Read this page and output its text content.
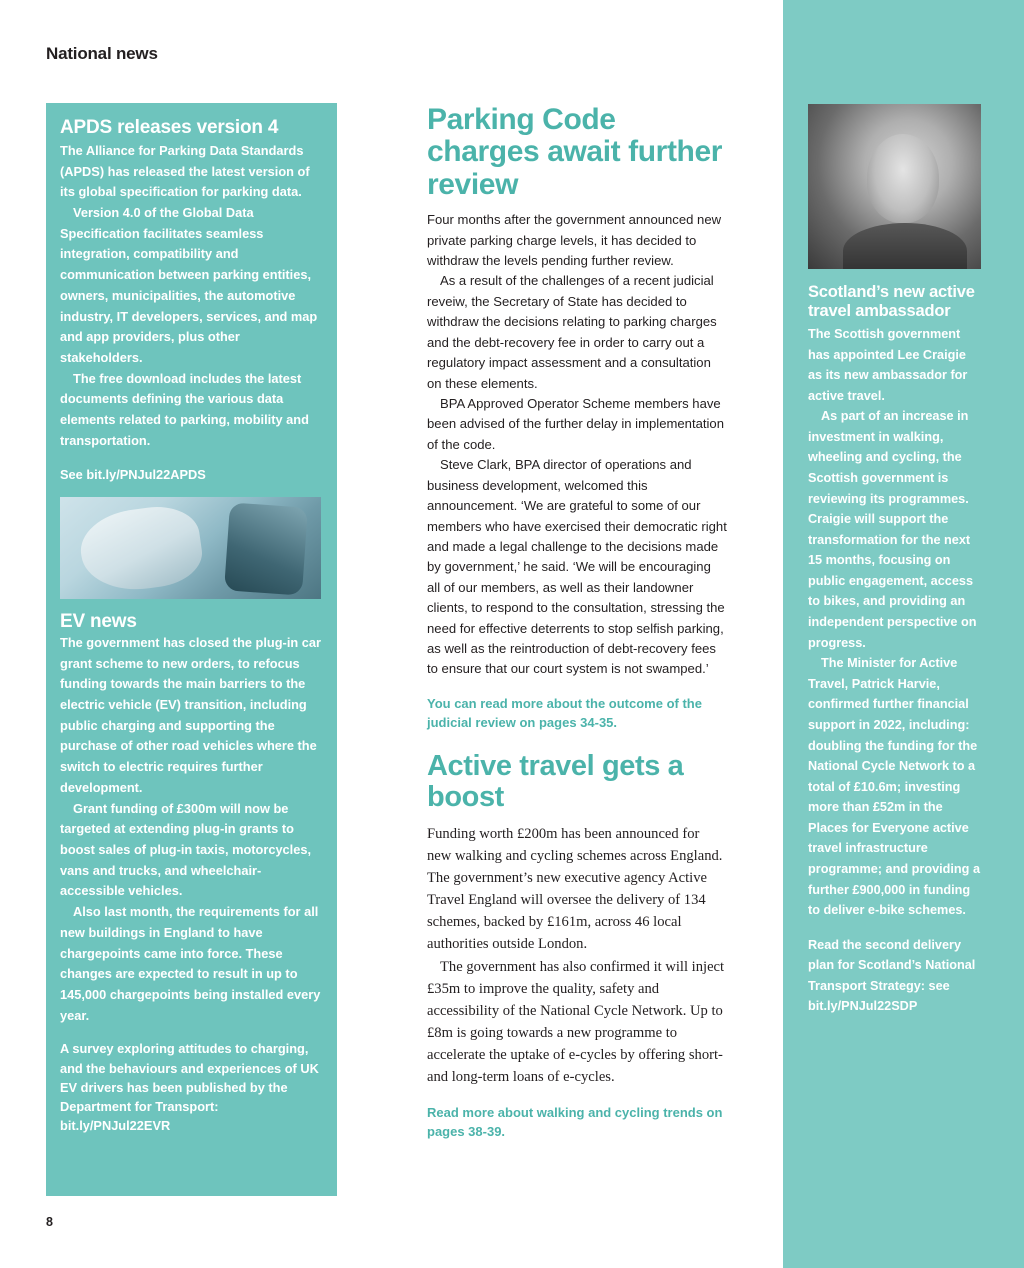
National news
APDS releases version 4

The Alliance for Parking Data Standards (APDS) has released the latest version of its global specification for parking data.

Version 4.0 of the Global Data Specification facilitates seamless integration, compatibility and communication between parking entities, owners, municipalities, the automotive industry, IT developers, services, and map and app providers, plus other stakeholders.

The free download includes the latest documents defining the various data elements related to parking, mobility and transportation.

See bit.ly/PNJul22APDS
EV news

The government has closed the plug-in car grant scheme to new orders, to refocus funding towards the main barriers to the electric vehicle (EV) transition, including public charging and supporting the purchase of other road vehicles where the switch to electric requires further development.

Grant funding of £300m will now be targeted at extending plug-in grants to boost sales of plug-in taxis, motorcycles, vans and trucks, and wheelchair-accessible vehicles.

Also last month, the requirements for all new buildings in England to have chargepoints came into force. These changes are expected to result in up to 145,000 chargepoints being installed every year.

A survey exploring attitudes to charging, and the behaviours and experiences of UK EV drivers has been published by the Department for Transport: bit.ly/PNJul22EVR
Parking Code charges await further review

Four months after the government announced new private parking charge levels, it has decided to withdraw the levels pending further review.

As a result of the challenges of a recent judicial reveiw, the Secretary of State has decided to withdraw the decisions relating to parking charges and the debt-recovery fee in order to carry out a regulatory impact assessment and a consultation on these elements.

BPA Approved Operator Scheme members have been advised of the further delay in implementation of the code.

Steve Clark, BPA director of operations and business development, welcomed this announcement. ‘We are grateful to some of our members who have exercised their democratic right and made a legal challenge to the decisions made by government,’ he said. ‘We will be encouraging all of our members, as well as their landowner clients, to respond to the consultation, stressing the need for effective deterrents to stop selfish parking, as well as the reintroduction of debt-recovery fees to ensure that our court system is not swamped.’

You can read more about the outcome of the judicial review on pages 34-35.
Active travel gets a boost

Funding worth £200m has been announced for new walking and cycling schemes across England. The government’s new executive agency Active Travel England will oversee the delivery of 134 schemes, backed by £161m, across 46 local authorities outside London.

The government has also confirmed it will inject £35m to improve the quality, safety and accessibility of the National Cycle Network. Up to £8m is going towards a new programme to accelerate the uptake of e-cycles by offering short- and long-term loans of e-cycles.

Read more about walking and cycling trends on pages 38-39.
Scotland’s new active travel ambassador

The Scottish government has appointed Lee Craigie as its new ambassador for active travel.

As part of an increase in investment in walking, wheeling and cycling, the Scottish government is reviewing its programmes. Craigie will support the transformation for the next 15 months, focusing on public engagement, access to bikes, and providing an independent perspective on progress.

The Minister for Active Travel, Patrick Harvie, confirmed further financial support in 2022, including: doubling the funding for the National Cycle Network to a total of £10.6m; investing more than £52m in the Places for Everyone active travel infrastructure programme; and providing a further £900,000 in funding to deliver e-bike schemes.

Read the second delivery plan for Scotland’s National Transport Strategy: see bit.ly/PNJul22SDP
8
